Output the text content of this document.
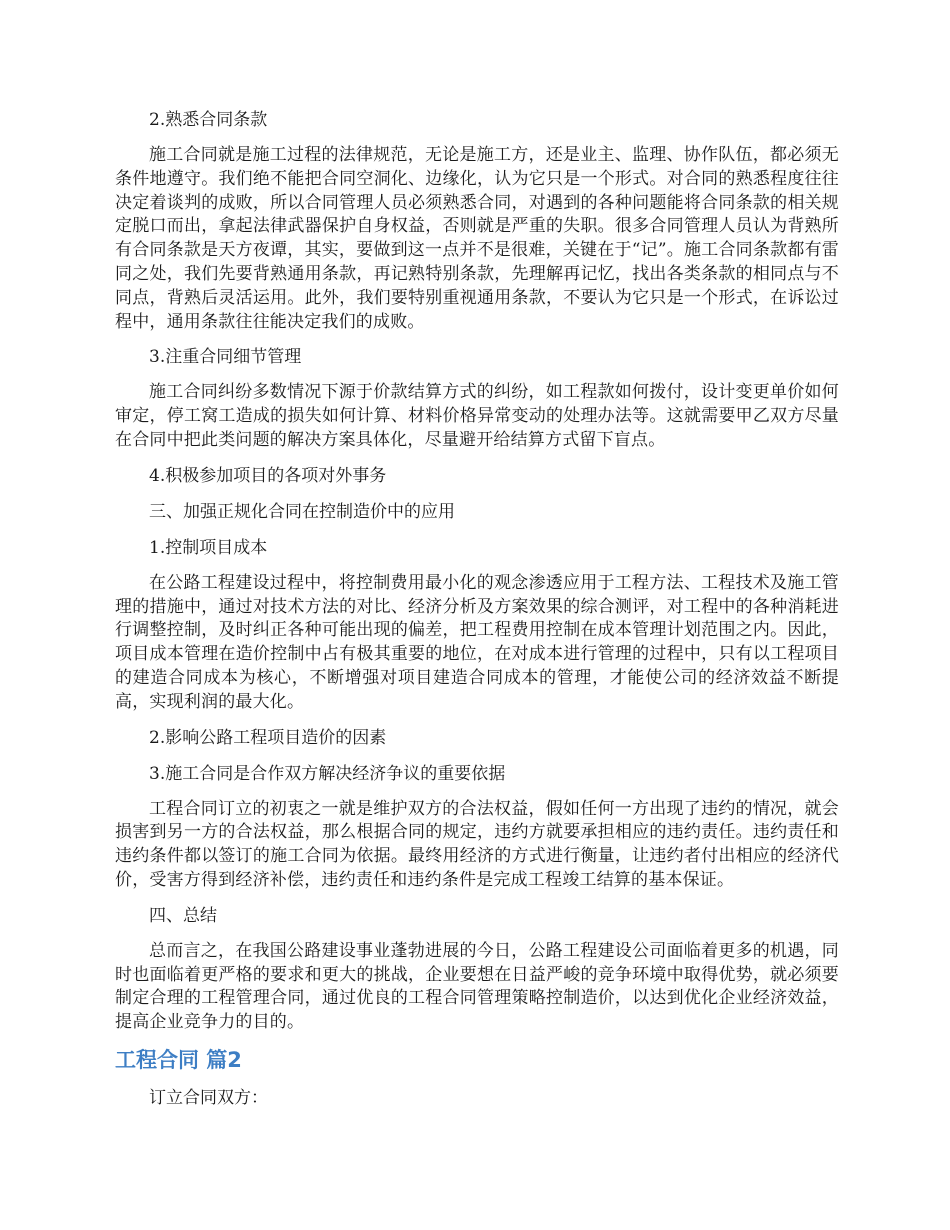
2.熟悉合同条款
施工合同就是施工过程的法律规范，无论是施工方，还是业主、监理、协作队伍，都必须无条件地遵守。我们绝不能把合同空洞化、边缘化，认为它只是一个形式。对合同的熟悉程度往往决定着谈判的成败，所以合同管理人员必须熟悉合同，对遇到的各种问题能将合同条款的相关规定脱口而出，拿起法律武器保护自身权益，否则就是严重的失职。很多合同管理人员认为背熟所有合同条款是天方夜谭，其实，要做到这一点并不是很难，关键在于“记”。施工合同条款都有雷同之处，我们先要背熟通用条款，再记熟特别条款，先理解再记忆，找出各类条款的相同点与不同点，背熟后灵活运用。此外，我们要特别重视通用条款，不要认为它只是一个形式，在诉讼过程中，通用条款往往能决定我们的成败。
3.注重合同细节管理
施工合同纠纷多数情况下源于价款结算方式的纠纷，如工程款如何拨付，设计变更单价如何审定，停工窝工造成的损失如何计算、材料价格异常变动的处理办法等。这就需要甲乙双方尽量在合同中把此类问题的解决方案具体化，尽量避开给结算方式留下盲点。
4.积极参加项目的各项对外事务
三、加强正规化合同在控制造价中的应用
1.控制项目成本
在公路工程建设过程中，将控制费用最小化的观念渗透应用于工程方法、工程技术及施工管理的措施中，通过对技术方法的对比、经济分析及方案效果的综合测评，对工程中的各种消耗进行调整控制，及时纠正各种可能出现的偏差，把工程费用控制在成本管理计划范围之内。因此，项目成本管理在造价控制中占有极其重要的地位，在对成本进行管理的过程中，只有以工程项目的建造合同成本为核心，不断增强对项目建造合同成本的管理，才能使公司的经济效益不断提高，实现利润的最大化。
2.影响公路工程项目造价的因素
3.施工合同是合作双方解决经济争议的重要依据
工程合同订立的初衷之一就是维护双方的合法权益，假如任何一方出现了违约的情况，就会损害到另一方的合法权益，那么根据合同的规定，违约方就要承担相应的违约责任。违约责任和违约条件都以签订的施工合同为依据。最终用经济的方式进行衡量，让违约者付出相应的经济代价，受害方得到经济补偿，违约责任和违约条件是完成工程竣工结算的基本保证。
四、总结
总而言之，在我国公路建设事业蓬勃进展的今日，公路工程建设公司面临着更多的机遇，同时也面临着更严格的要求和更大的挑战，企业要想在日益严峻的竞争环境中取得优势，就必须要制定合理的工程管理合同，通过优良的工程合同管理策略控制造价，以达到优化企业经济效益，提高企业竞争力的目的。
工程合同 篇2
订立合同双方：
